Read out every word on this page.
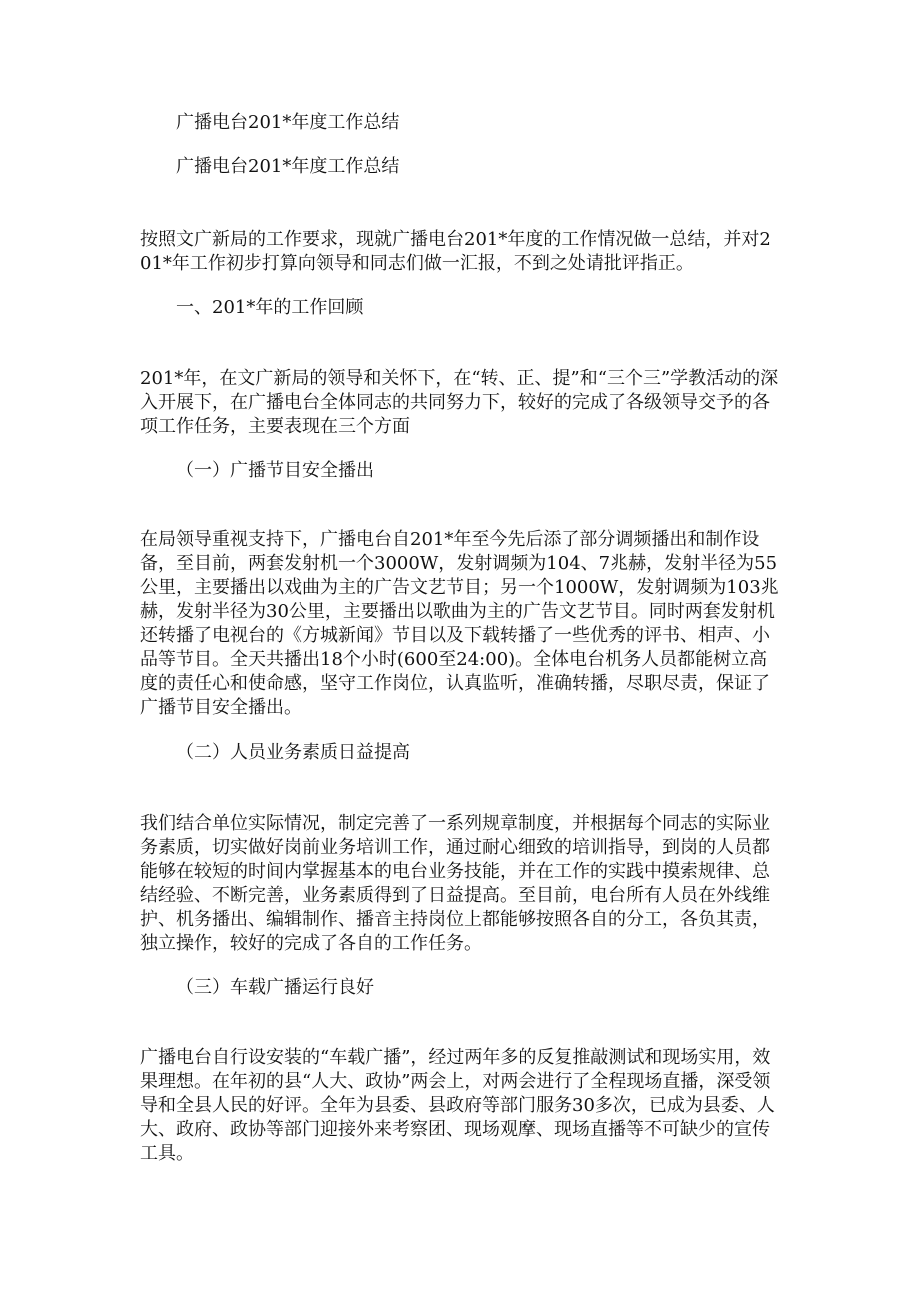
广播电台201*年度工作总结

广播电台201*年度工作总结

按照文广新局的工作要求，现就广播电台201*年度的工作情况做一总结，并对201*年工作初步打算向领导和同志们做一汇报，不到之处请批评指正。

一、201*年的工作回顾

201*年，在文广新局的领导和关怀下，在“转、正、提”和“三个三”学教活动的深入开展下，在广播电台全体同志的共同努力下，较好的完成了各级领导交予的各项工作任务，主要表现在三个方面

（一）广播节目安全播出

在局领导重视支持下，广播电台自201*年至今先后添了部分调频播出和制作设备，至目前，两套发射机一个3000W，发射调频为104、7兆赫，发射半径为55公里，主要播出以戏曲为主的广告文艺节目；另一个1000W，发射调频为103兆赫，发射半径为30公里，主要播出以歌曲为主的广告文艺节目。同时两套发射机还转播了电视台的《方城新闻》节目以及下载转播了一些优秀的评书、相声、小品等节目。全天共播出18个小时(600至24:00)。全体电台机务人员都能树立高度的责任心和使命感，坚守工作岗位，认真监听，准确转播，尽职尽责，保证了广播节目安全播出。

（二）人员业务素质日益提高

我们结合单位实际情况，制定完善了一系列规章制度，并根据每个同志的实际业务素质，切实做好岗前业务培训工作，通过耐心细致的培训指导，到岗的人员都能够在较短的时间内掌握基本的电台业务技能，并在工作的实践中摸索规律、总结经验、不断完善，业务素质得到了日益提高。至目前，电台所有人员在外线维护、机务播出、编辑制作、播音主持岗位上都能够按照各自的分工，各负其责，独立操作，较好的完成了各自的工作任务。

（三）车载广播运行良好

广播电台自行设安装的“车载广播”，经过两年多的反复推敲测试和现场实用，效果理想。在年初的县“人大、政协”两会上，对两会进行了全程现场直播，深受领导和全县人民的好评。全年为县委、县政府等部门服务30多次，已成为县委、人大、政府、政协等部门迎接外来考察团、现场观摩、现场直播等不可缺少的宣传工具。
